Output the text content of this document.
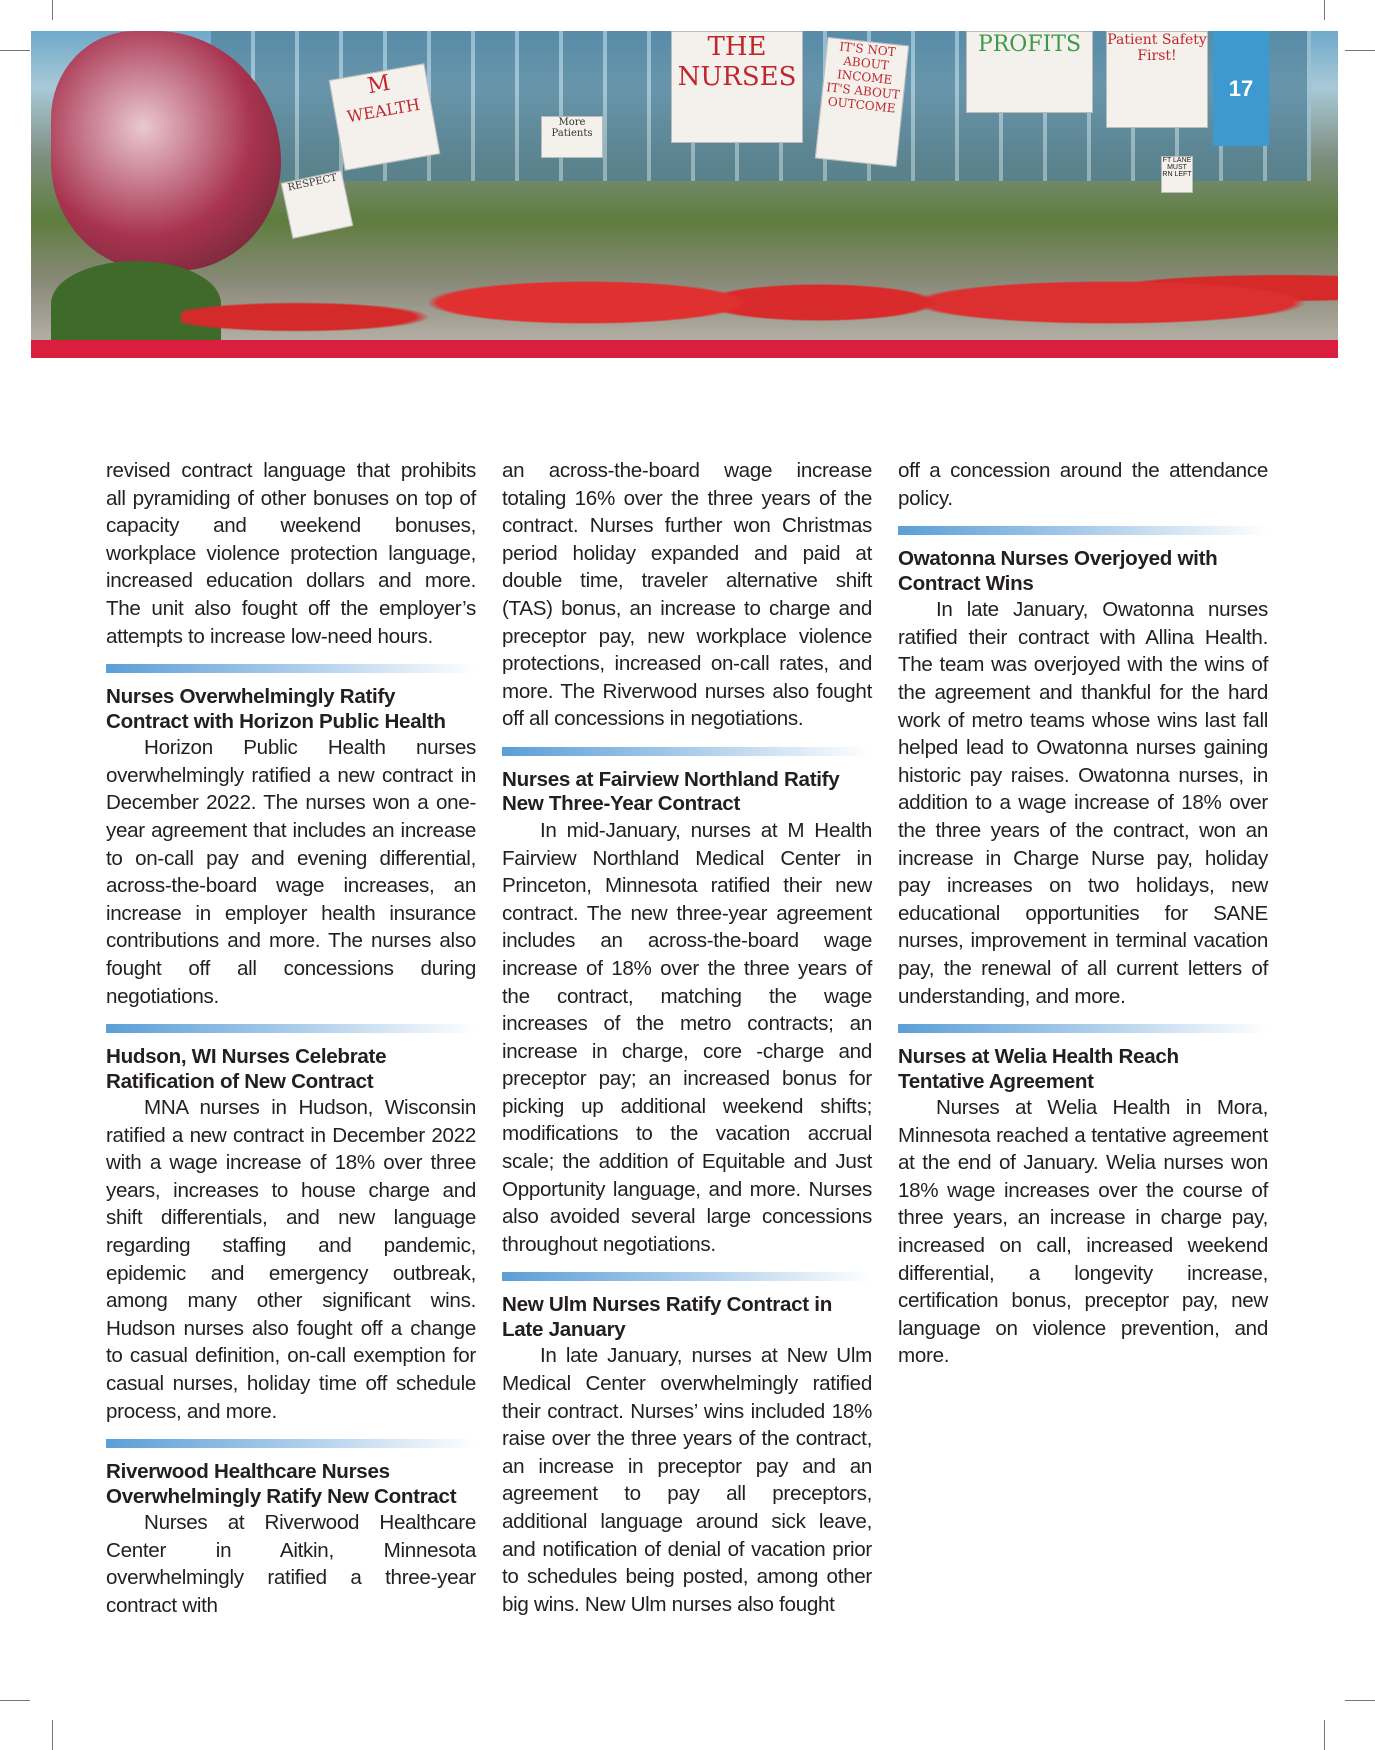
M
WEALTH
THE NURSES
IT'S NOT ABOUT INCOME IT'S ABOUT OUTCOME
PROFITS	Patient Safety First!
More Patients
RESPECT
FT LANE MUST RN LEFT
17

revised contract language that prohibits all pyramiding of other bonuses on top of capacity and weekend bonuses, workplace violence protection language, increased education dollars and more. The unit also fought off the employer’s attempts to increase low-need hours.

Nurses Overwhelmingly Ratify Contract with Horizon Public Health

Horizon Public Health nurses overwhelmingly ratified a new contract in December 2022. The nurses won a one-year agreement that includes an increase to on-call pay and evening differential, across-the-board wage increases, an increase in employer health insurance contributions and more. The nurses also fought off all concessions during negotiations.

Hudson, WI Nurses Celebrate Ratification of New Contract

MNA nurses in Hudson, Wisconsin ratified a new contract in December 2022 with a wage increase of 18% over three years, increases to house charge and shift differentials, and new language regarding staffing and pandemic, epidemic and emergency outbreak, among many other significant wins. Hudson nurses also fought off a change to casual definition, on-call exemption for casual nurses, holiday time off schedule process, and more.

Riverwood Healthcare Nurses Overwhelmingly Ratify New Contract

Nurses at Riverwood Healthcare Center in Aitkin, Minnesota overwhelmingly ratified a three-year contract with

an across-the-board wage increase totaling 16% over the three years of the contract. Nurses further won Christmas period holiday expanded and paid at double time, traveler alternative shift (TAS) bonus, an increase to charge and preceptor pay, new workplace violence protections, increased on-call rates, and more. The Riverwood nurses also fought off all concessions in negotiations.

Nurses at Fairview Northland Ratify New Three-Year Contract

In mid-January, nurses at M Health Fairview Northland Medical Center in Princeton, Minnesota ratified their new contract. The new three-year agreement includes an across-the-board wage increase of 18% over the three years of the contract, matching the wage increases of the metro contracts; an increase in charge, core -charge and preceptor pay; an increased bonus for picking up additional weekend shifts; modifications to the vacation accrual scale; the addition of Equitable and Just Opportunity language, and more. Nurses also avoided several large concessions throughout negotiations.

New Ulm Nurses Ratify Contract in Late January

In late January, nurses at New Ulm Medical Center overwhelmingly ratified their contract. Nurses’ wins included 18% raise over the three years of the contract, an increase in preceptor pay and an agreement to pay all preceptors, additional language around sick leave, and notification of denial of vacation prior to schedules being posted, among other big wins. New Ulm nurses also fought

off a concession around the attendance policy.

Owatonna Nurses Overjoyed with Contract Wins

In late January, Owatonna nurses ratified their contract with Allina Health. The team was overjoyed with the wins of the agreement and thankful for the hard work of metro teams whose wins last fall helped lead to Owatonna nurses gaining historic pay raises. Owatonna nurses, in addition to a wage increase of 18% over the three years of the contract, won an increase in Charge Nurse pay, holiday pay increases on two holidays, new educational opportunities for SANE nurses, improvement in terminal vacation pay, the renewal of all current letters of understanding, and more.

Nurses at Welia Health Reach Tentative Agreement

Nurses at Welia Health in Mora, Minnesota reached a tentative agreement at the end of January. Welia nurses won 18% wage increases over the course of three years, an increase in charge pay, increased on call, increased weekend differential, a longevity increase, certification bonus, preceptor pay, new language on violence prevention, and more.
